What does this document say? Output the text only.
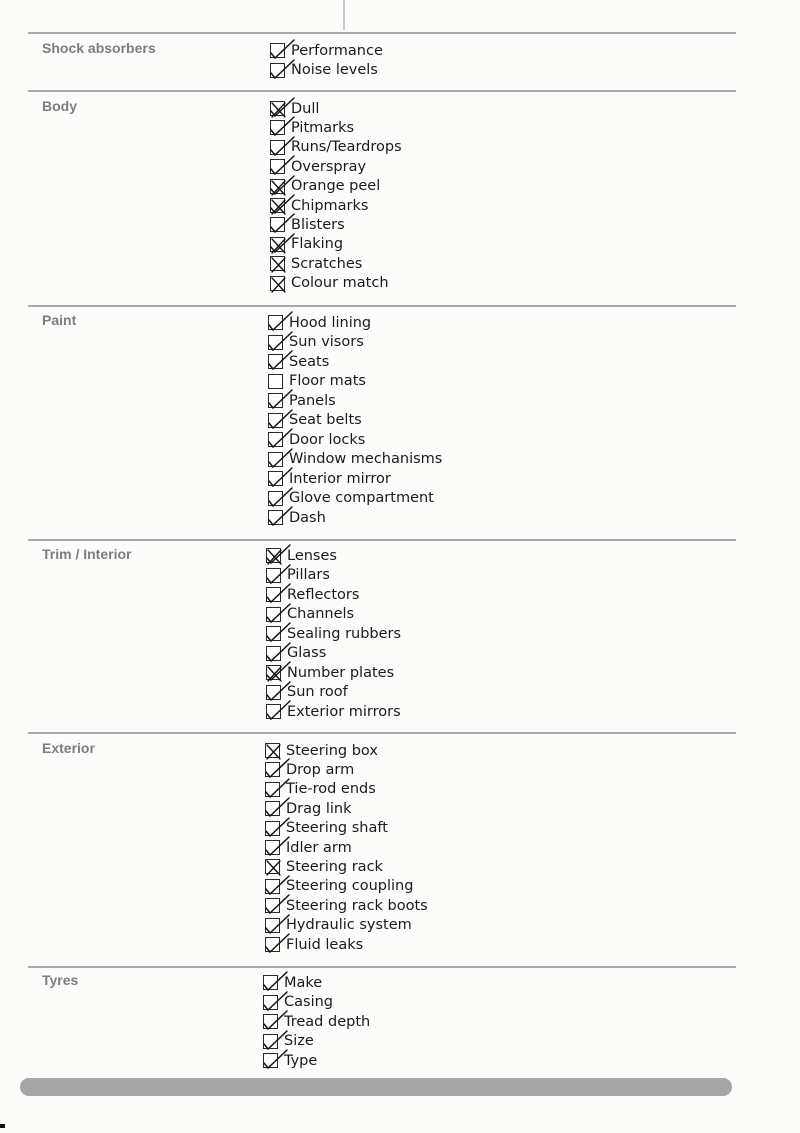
Shock absorbers	Performance
Noise levels
Body	Dull
Pitmarks
Runs/Teardrops
Overspray
Orange peel
Chipmarks
Blisters
Flaking
Scratches
Colour match
Paint	Hood lining
Sun visors
Seats
Floor mats
Panels
Seat belts
Door locks
Window mechanisms
Interior mirror
Glove compartment
Dash
Trim / Interior	Lenses
Pillars
Reflectors
Channels
Sealing rubbers
Glass
Number plates
Sun roof
Exterior mirrors
Exterior	Steering box
Drop arm
Tie-rod ends
Drag link
Steering shaft
Idler arm
Steering rack
Steering coupling
Steering rack boots
Hydraulic system
Fluid leaks
Tyres	Make
Casing
Tread depth
Size
Type
